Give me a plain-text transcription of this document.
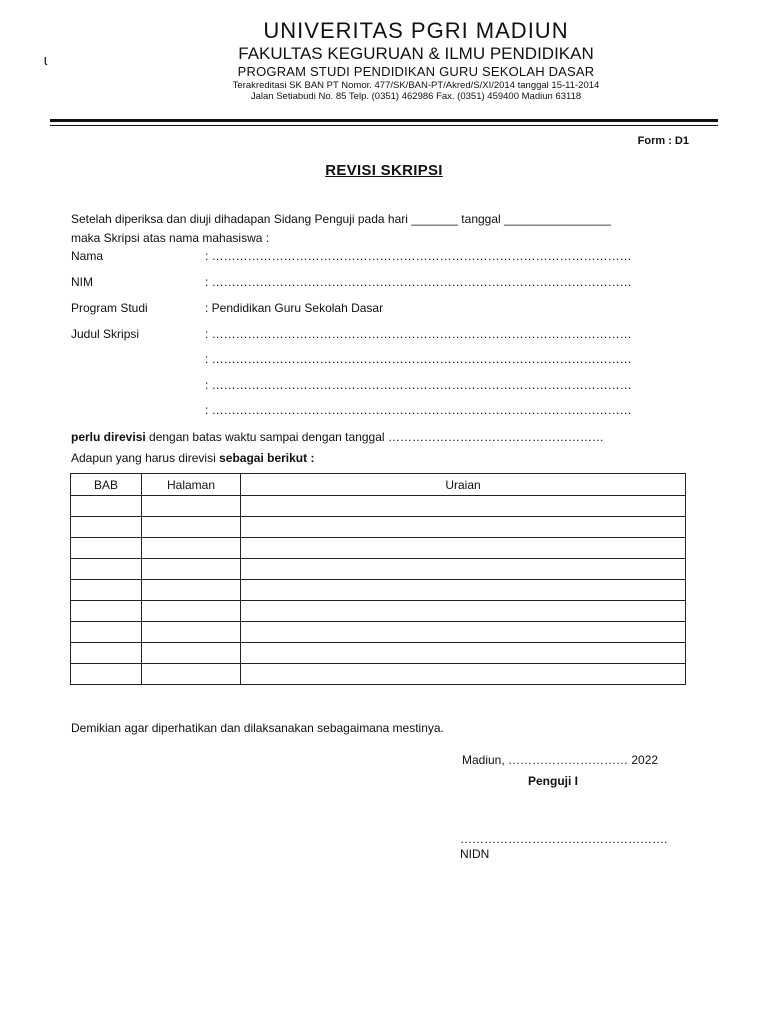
ɩ
UNIVERITAS PGRI MADIUN
FAKULTAS KEGURUAN & ILMU PENDIDIKAN
PROGRAM STUDI PENDIDIKAN GURU SEKOLAH DASAR
Terakreditasi SK BAN PT Nomor. 477/SK/BAN-PT/Akred/S/XI/2014 tanggal 15-11-2014
Jalan Setiabudi No. 85 Telp. (0351) 462986 Fax. (0351) 459400 Madiun 63118
Form : D1
REVISI SKRIPSI
Setelah diperiksa dan diuji dihadapan Sidang Penguji pada hari _______ tanggal ________________
maka Skripsi atas nama mahasiswa :
Nama	: ……………………………………………………………………………………………
NIM	: ……………………………………………………………………………………………
Program Studi	: Pendidikan Guru Sekolah Dasar
Judul Skripsi	: ……………………………………………………………………………………………
: ……………………………………………………………………………………………
: ……………………………………………………………………………………………
: ……………………………………………………………………………………………
perlu direvisi dengan batas waktu sampai dengan tanggal ………………………………………………
Adapun yang harus direvisi sebagai berikut :
BAB	Halaman	Uraian

Demikian agar diperhatikan dan dilaksanakan sebagaimana mestinya.
Madiun, ………………………… 2022
Penguji I
…………………………………………….
NIDN
